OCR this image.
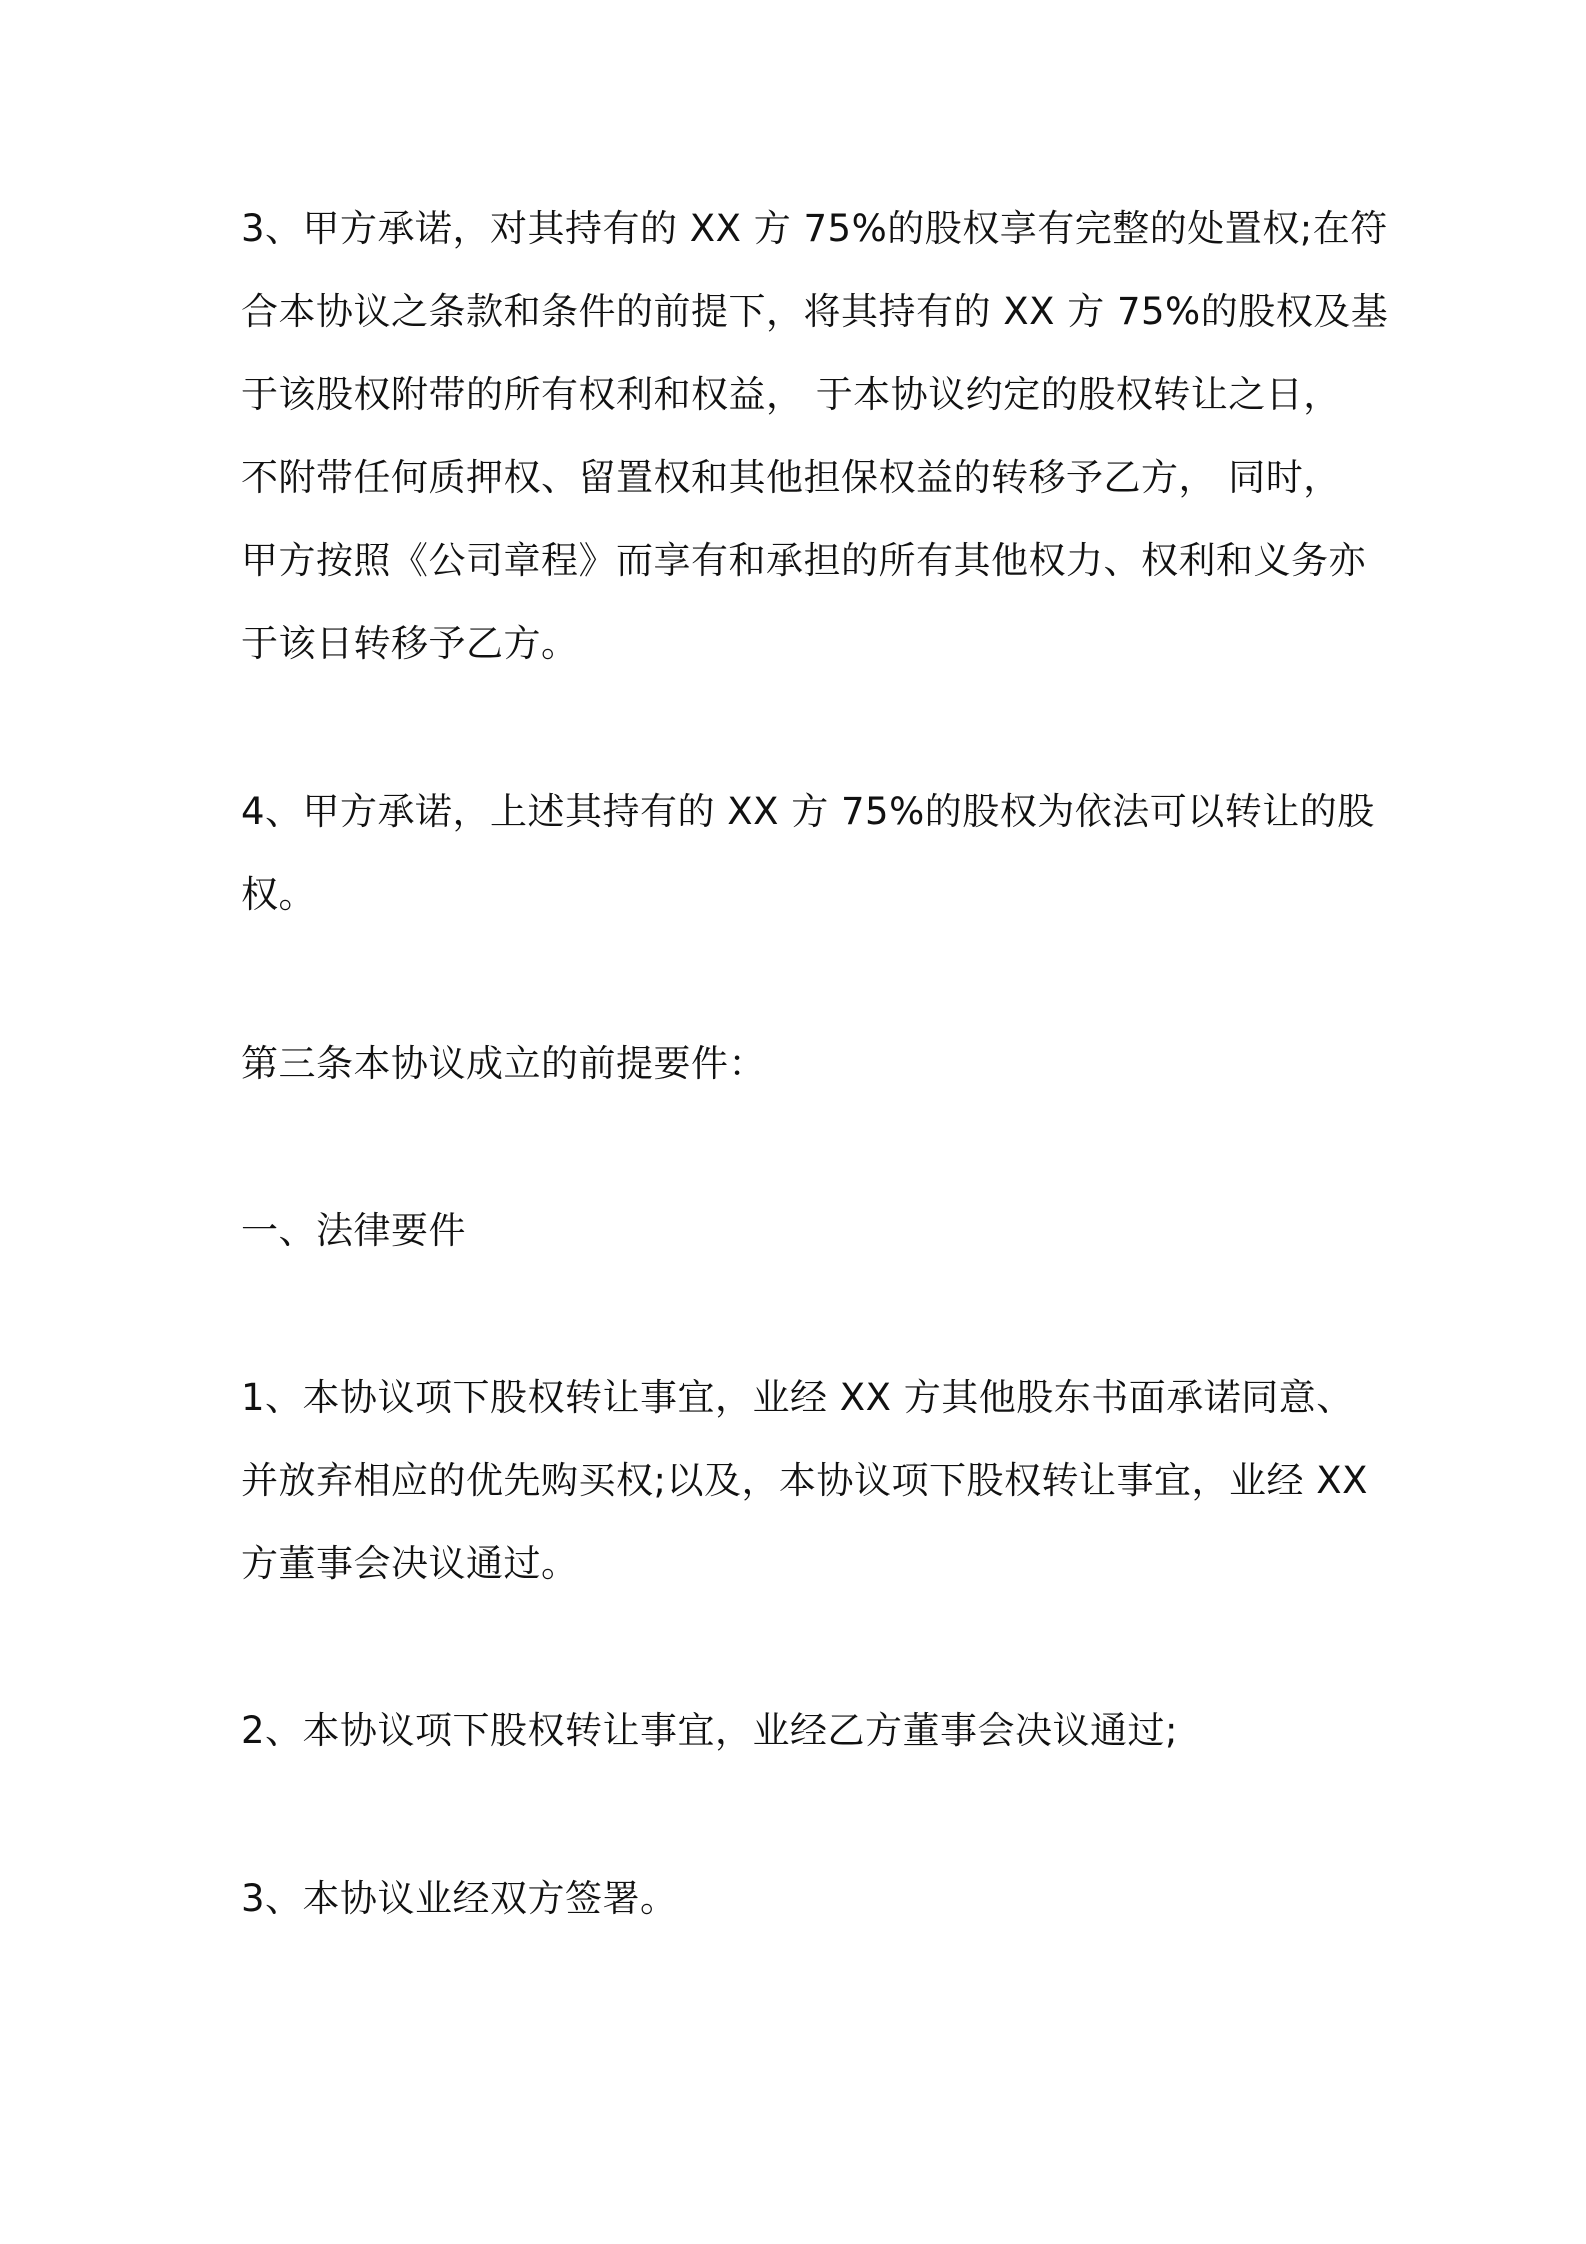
3、甲方承诺，对其持有的 XX 方 75%的股权享有完整的处置权;在符

合本协议之条款和条件的前提下，将其持有的 XX 方 75%的股权及基

于该股权附带的所有权利和权益， 于本协议约定的股权转让之日，

不附带任何质押权、留置权和其他担保权益的转移予乙方， 同时，

甲方按照《公司章程》而享有和承担的所有其他权力、权利和义务亦

于该日转移予乙方。

4、甲方承诺，上述其持有的 XX 方 75%的股权为依法可以转让的股

权。

第三条本协议成立的前提要件：

一、法律要件

1、本协议项下股权转让事宜，业经 XX 方其他股东书面承诺同意、

并放弃相应的优先购买权;以及，本协议项下股权转让事宜，业经 XX

方董事会决议通过。

2、本协议项下股权转让事宜，业经乙方董事会决议通过;

3、本协议业经双方签署。
